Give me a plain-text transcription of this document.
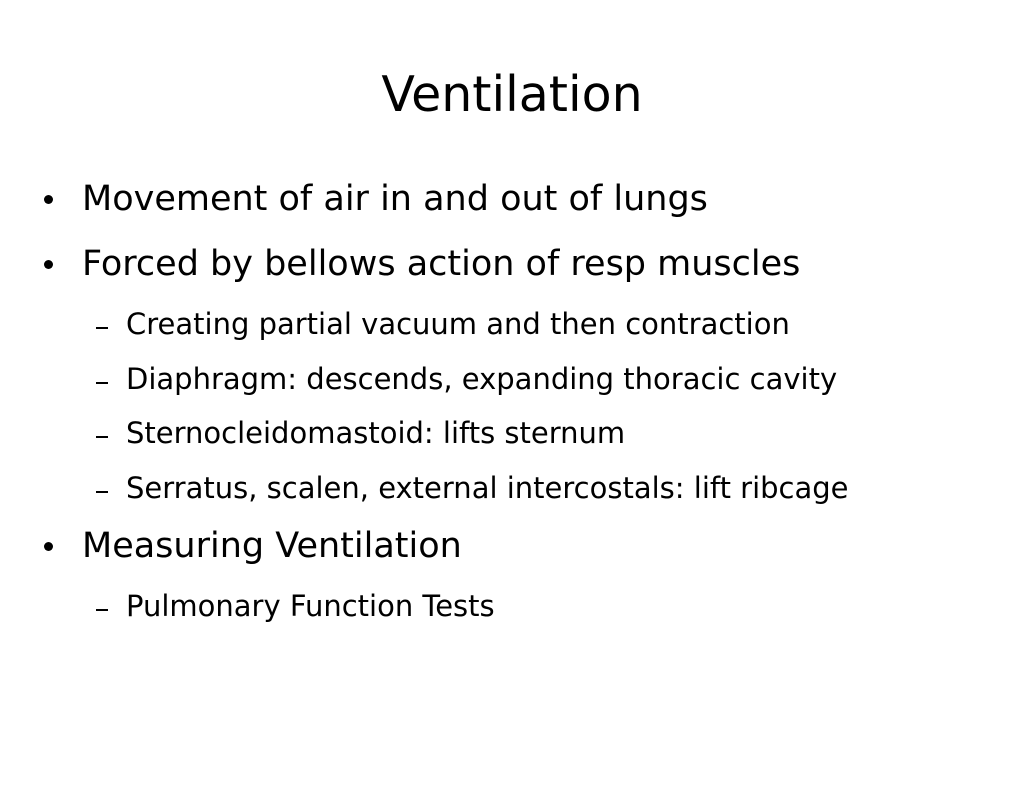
Ventilation
Movement of air in and out of lungs
Forced by bellows action of resp muscles
Creating partial vacuum and then contraction
Diaphragm: descends, expanding thoracic cavity
Sternocleidomastoid: lifts sternum
Serratus, scalen, external intercostals: lift ribcage
Measuring Ventilation
Pulmonary Function Tests
